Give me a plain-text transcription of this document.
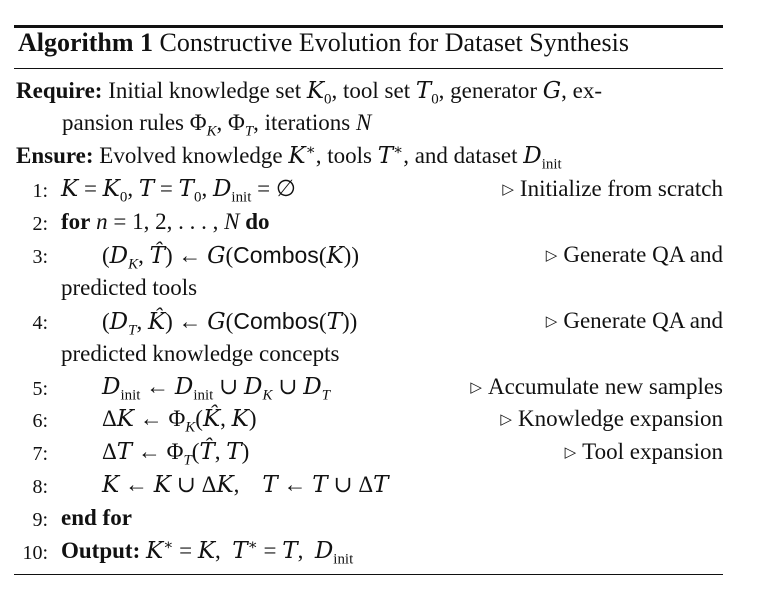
Algorithm 1 Constructive Evolution for Dataset Synthesis
Require: Initial knowledge set $K_0$, tool set $T_0$, generator G, ex-
pansion rules $\Phi_K$, $\Phi_T$, iterations N
Ensure: Evolved knowledge K∗, tools T∗, and dataset $D_{init}$
1: $K = K_0$, $T = T_0$, $D_{init}$ = ∅	▷ Initialize from scratch
2: for n = 1, 2, . . . , N do
3: ($D_K$, T̂) ← G(Combos(K))	▷ Generate QA and
predicted tools
4: ($D_T$, K̂) ← G(Combos(T))	▷ Generate QA and
predicted knowledge concepts
5: $D_{init}$ ← $D_{init}$ ∪ $D_K$ ∪ $D_T$	▷ Accumulate new samples
6: ΔK ← $\Phi_K(K̂$, K)	▷ Knowledge expansion
7: ΔT ← $\Phi_T(T̂$, T)	▷ Tool expansion
8: K ← K ∪ ΔK,    T ← T ∪ ΔT
9: end for
10: Output: K∗ = K,  T∗ = T,  $D_{init}$
